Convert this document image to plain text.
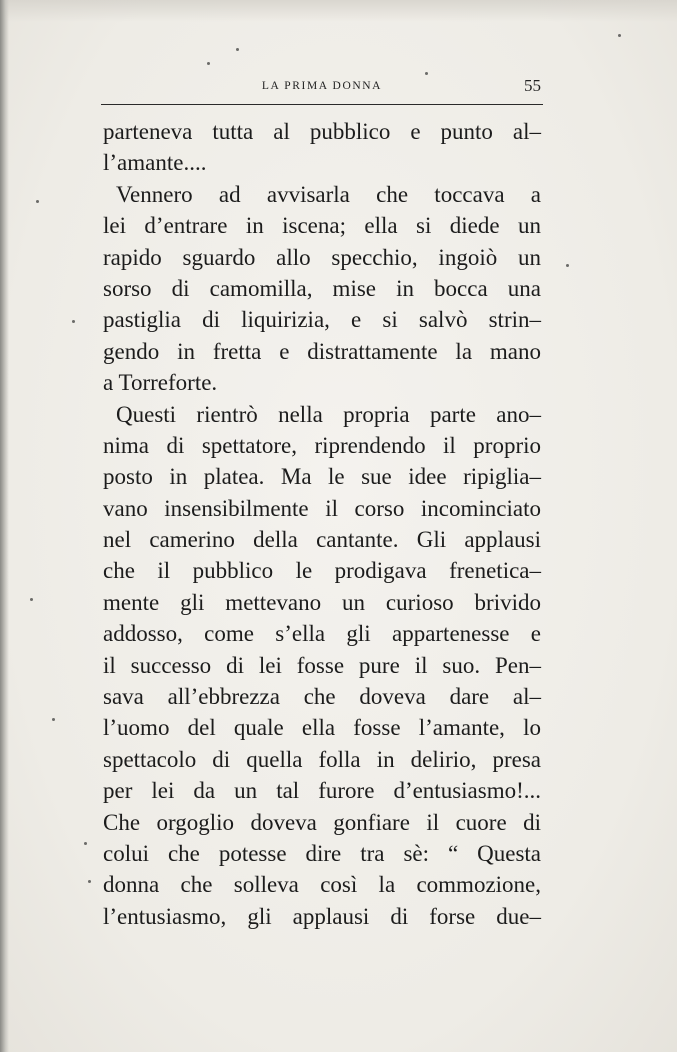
LA PRIMA DONNA	55
parteneva tutta al pubblico e punto al–
l’amante....
Vennero ad avvisarla che toccava a
lei d’entrare in iscena; ella si diede un
rapido sguardo allo specchio, ingoiò un
sorso di camomilla, mise in bocca una
pastiglia di liquirizia, e si salvò strin–
gendo in fretta e distrattamente la mano
a Torreforte.
Questi rientrò nella propria parte ano–
nima di spettatore, riprendendo il proprio
posto in platea. Ma le sue idee ripiglia–
vano insensibilmente il corso incominciato
nel camerino della cantante. Gli applausi
che il pubblico le prodigava frenetica–
mente gli mettevano un curioso brivido
addosso, come s’ella gli appartenesse e
il successo di lei fosse pure il suo. Pen–
sava all’ebbrezza che doveva dare al–
l’uomo del quale ella fosse l’amante, lo
spettacolo di quella folla in delirio, presa
per lei da un tal furore d’entusiasmo!...
Che orgoglio doveva gonfiare il cuore di
colui che potesse dire tra sè: “ Questa
donna che solleva così la commozione,
l’entusiasmo, gli applausi di forse due–
